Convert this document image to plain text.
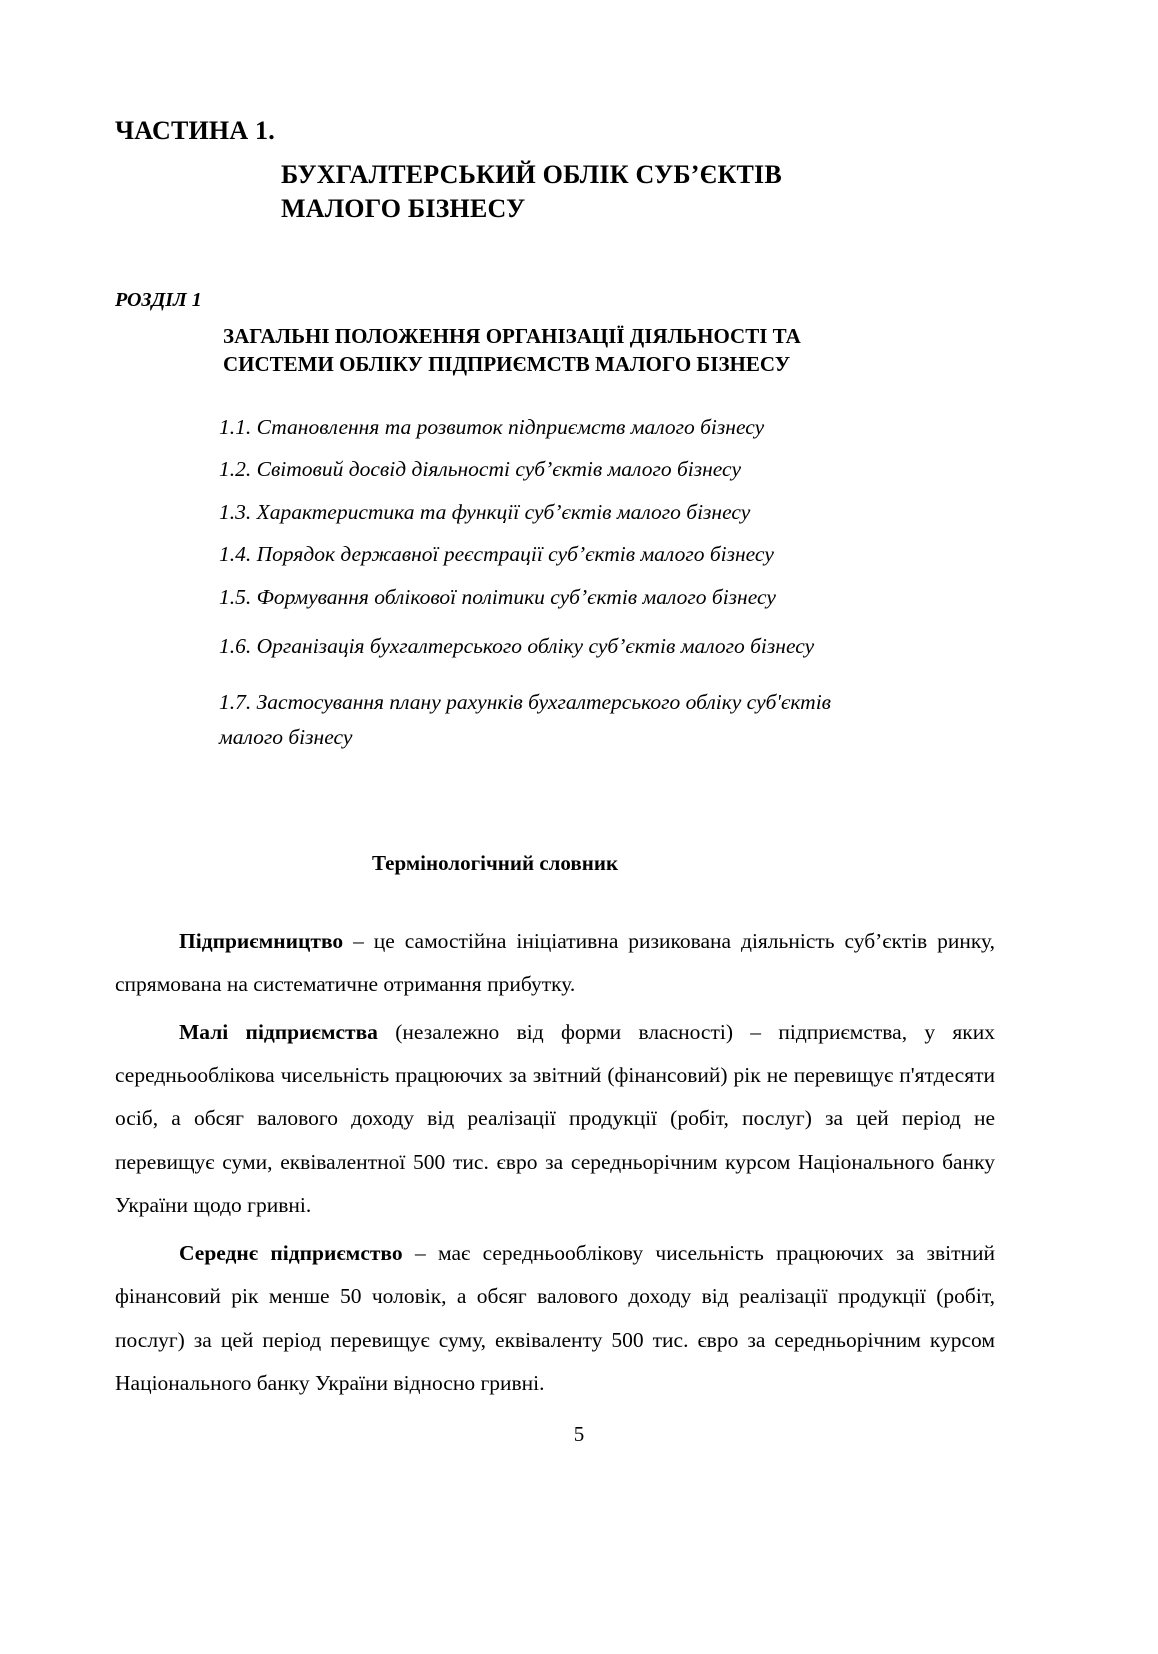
ЧАСТИНА 1.
БУХГАЛТЕРСЬКИЙ ОБЛІК СУБ’ЄКТІВ
МАЛОГО БІЗНЕСУ
РОЗДІЛ 1
ЗАГАЛЬНІ ПОЛОЖЕННЯ ОРГАНІЗАЦІЇ ДІЯЛЬНОСТІ ТА
СИСТЕМИ ОБЛІКУ ПІДПРИЄМСТВ МАЛОГО БІЗНЕСУ
1.1. Становлення та розвиток підприємств малого бізнесу
1.2. Світовий досвід діяльності суб’єктів малого бізнесу
1.3. Характеристика та функції суб’єктів малого бізнесу
1.4. Порядок державної реєстрації суб’єктів малого бізнесу
1.5. Формування облікової політики суб’єктів малого бізнесу
1.6. Організація бухгалтерського обліку суб’єктів малого бізнесу
1.7. Застосування плану рахунків бухгалтерського обліку суб'єктів малого бізнесу
Термінологічний словник

Підприємництво – це самостійна ініціативна ризикована діяльність суб’єктів ринку, спрямована на систематичне отримання прибутку.

Малі підприємства (незалежно від форми власності) – підприємства, у яких середньооблікова чисельність працюючих за звітний (фінансовий) рік не перевищує п'ятдесяти осіб, а обсяг валового доходу від реалізації продукції (робіт, послуг) за цей період не перевищує суми, еквівалентної 500 тис. євро за середньорічним курсом Національного банку України щодо гривні.

Середнє підприємство – має середньооблікову чисельність працюючих за звітний фінансовий рік менше 50 чоловік, а обсяг валового доходу від реалізації продукції (робіт, послуг) за цей період перевищує суму, еквіваленту 500 тис. євро за середньорічним курсом Національного банку України відносно гривні.

5
